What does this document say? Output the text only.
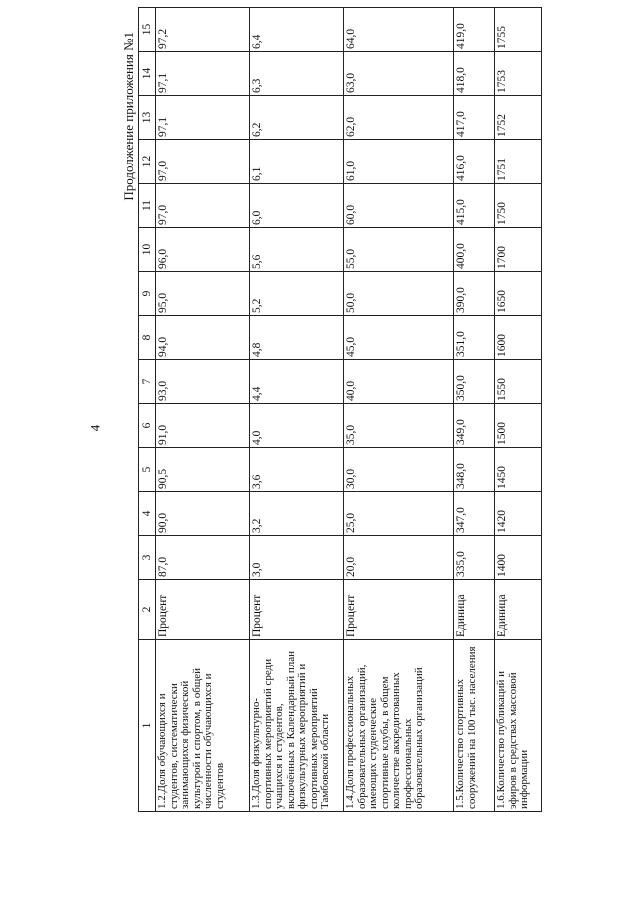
4
Продолжение приложения №1
1	2	3	4	5	6	7	8	9	10	11	12	13	14	15
1.2.Доля обучающихся и студентов, систематически занимающихся физической культурой и спортом, в общей численности обучающихся и студентов	Процент	87,0	90,0	90,5	91,0	93,0	94,0	95,0	96,0	97,0	97,0	97,1	97,1	97,2
1.3.Доля физкультурно-спортивных мероприятий среди учащихся и студентов, включённых в Календарный план физкультурных мероприятий и спортивных мероприятий Тамбовской области	Процент	3,0	3,2	3,6	4,0	4,4	4,8	5,2	5,6	6,0	6,1	6,2	6,3	6,4
1.4.Доля профессиональных образовательных организаций, имеющих студенческие спортивные клубы, в общем количестве аккредитованных профессиональных образовательных организаций	Процент	20,0	25,0	30,0	35,0	40,0	45,0	50,0	55,0	60,0	61,0	62,0	63,0	64,0
1.5.Количество спортивных сооружений на 100 тыс. населения	Единица	335,0	347,0	348,0	349,0	350,0	351,0	390,0	400,0	415,0	416,0	417,0	418,0	419,0
1.6.Количество публикаций и эфиров в средствах массовой информации	Единица	1400	1420	1450	1500	1550	1600	1650	1700	1750	1751	1752	1753	1755
